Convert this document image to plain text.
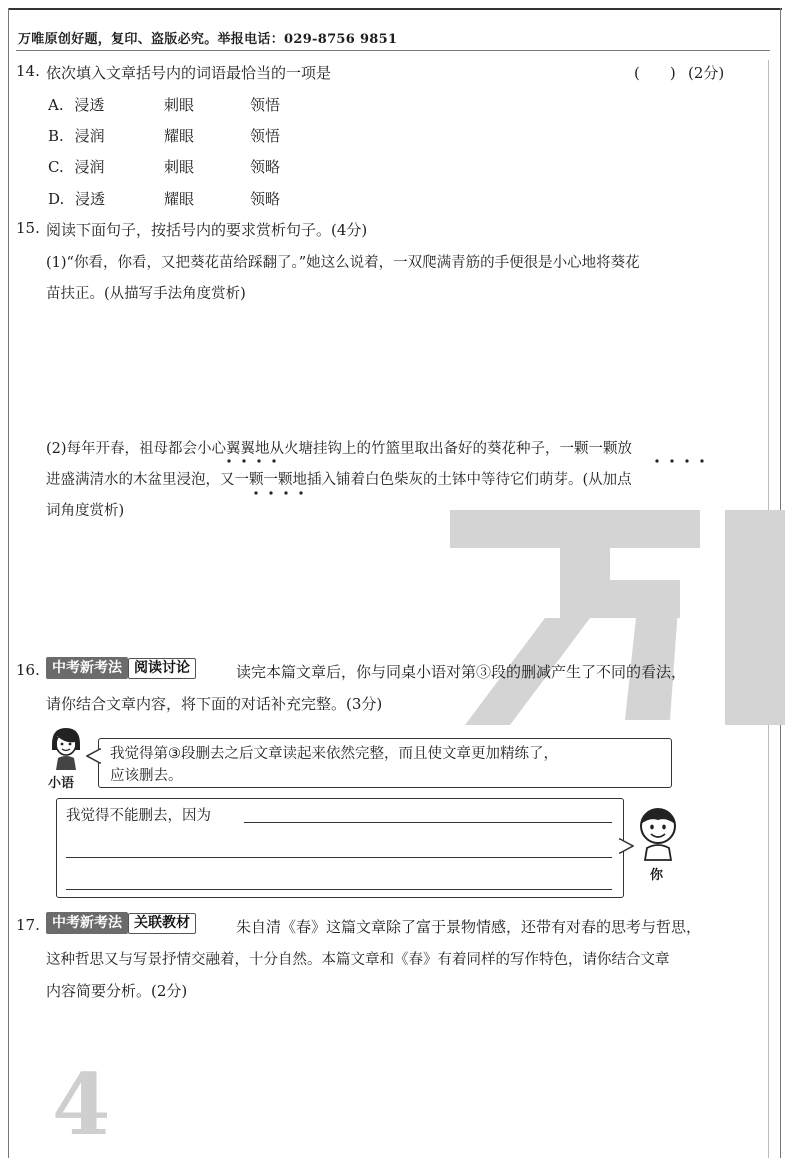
万唯原创好题，复印、盗版必究。举报电话：029-8756 9851
14. 依次填入文章括号内的词语最恰当的一项是	(　　) (2分)
A. 浸透	刺眼	领悟
B. 浸润	耀眼	领悟
C. 浸润	刺眼	领略
D. 浸透	耀眼	领略
15. 阅读下面句子，按括号内的要求赏析句子。(4分)
(1)“你看，你看，又把葵花苗给踩翻了。”她这么说着，一双爬满青筋的手便很是小心地将葵花
苗扶正。(从描写手法角度赏析)
(2)每年开春，祖母都会小心翼翼地从火塘挂钩上的竹篮里取出备好的葵花种子，一颗一颗放
进盛满清水的木盆里浸泡，又一颗一颗地插入铺着白色柴灰的土钵中等待它们萌芽。(从加点
词角度赏析)
16. 中考新考法 阅读讨论	读完本篇文章后，你与同桌小语对第③段的删减产生了不同的看法，
请你结合文章内容，将下面的对话补充完整。(3分)
小语
我觉得第③段删去之后文章读起来依然完整，而且使文章更加精练了，
应该删去。
我觉得不能删去，因为
你
17. 中考新考法 关联教材	朱自清《春》这篇文章除了富于景物情感，还带有对春的思考与哲思，
这种哲思又与写景抒情交融着，十分自然。本篇文章和《春》有着同样的写作特色，请你结合文章
内容简要分析。(2分)
4
